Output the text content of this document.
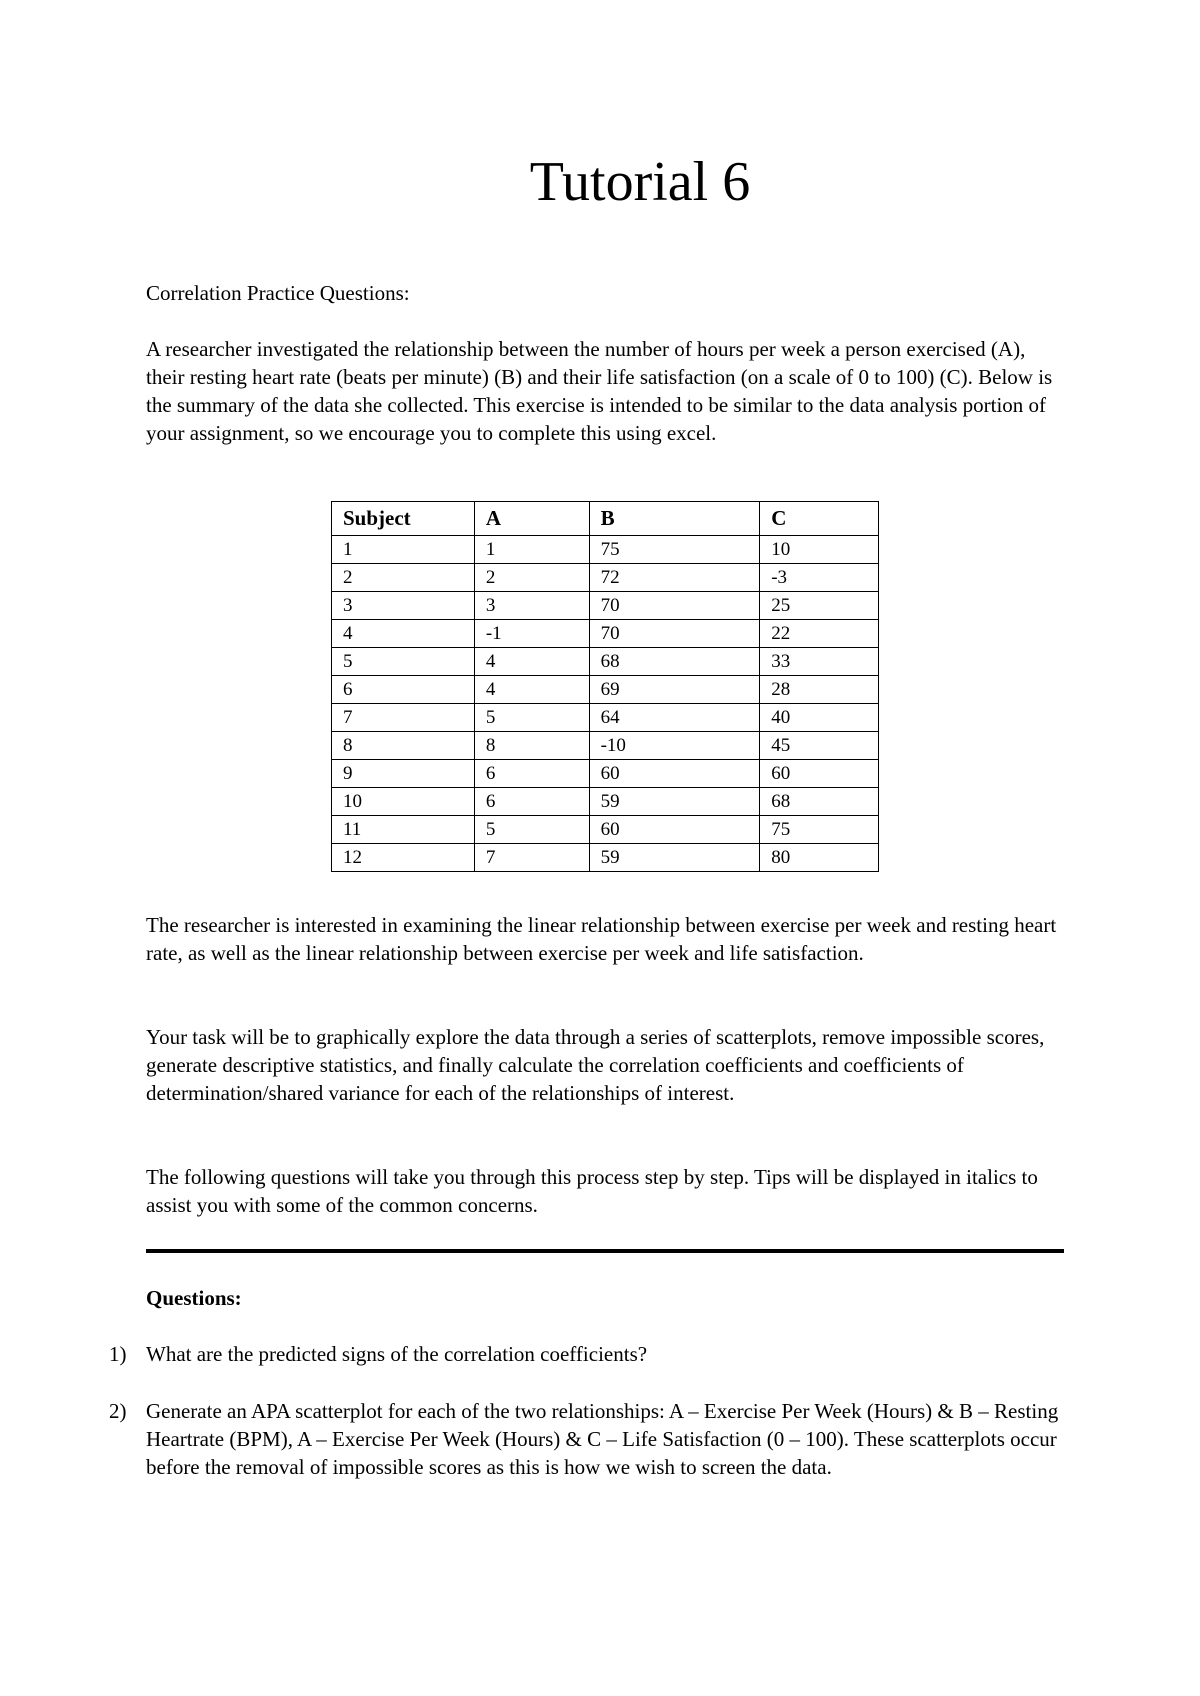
Tutorial 6

Correlation Practice Questions:

A researcher investigated the relationship between the number of hours per week a person exercised (A), their resting heart rate (beats per minute) (B) and their life satisfaction (on a scale of 0 to 100) (C). Below is the summary of the data she collected. This exercise is intended to be similar to the data analysis portion of your assignment, so we encourage you to complete this using excel.

Subject	A	B	C
1	1	75	10
2	2	72	-3
3	3	70	25
4	-1	70	22
5	4	68	33
6	4	69	28
7	5	64	40
8	8	-10	45
9	6	60	60
10	6	59	68
11	5	60	75
12	7	59	80

The researcher is interested in examining the linear relationship between exercise per week and resting heart rate, as well as the linear relationship between exercise per week and life satisfaction.

Your task will be to graphically explore the data through a series of scatterplots, remove impossible scores, generate descriptive statistics, and finally calculate the correlation coefficients and coefficients of determination/shared variance for each of the relationships of interest.

The following questions will take you through this process step by step. Tips will be displayed in italics to assist you with some of the common concerns.

Questions:

1) What are the predicted signs of the correlation coefficients?
2) Generate an APA scatterplot for each of the two relationships: A – Exercise Per Week (Hours) & B – Resting Heartrate (BPM), A – Exercise Per Week (Hours) & C – Life Satisfaction (0 – 100). These scatterplots occur before the removal of impossible scores as this is how we wish to screen the data.
